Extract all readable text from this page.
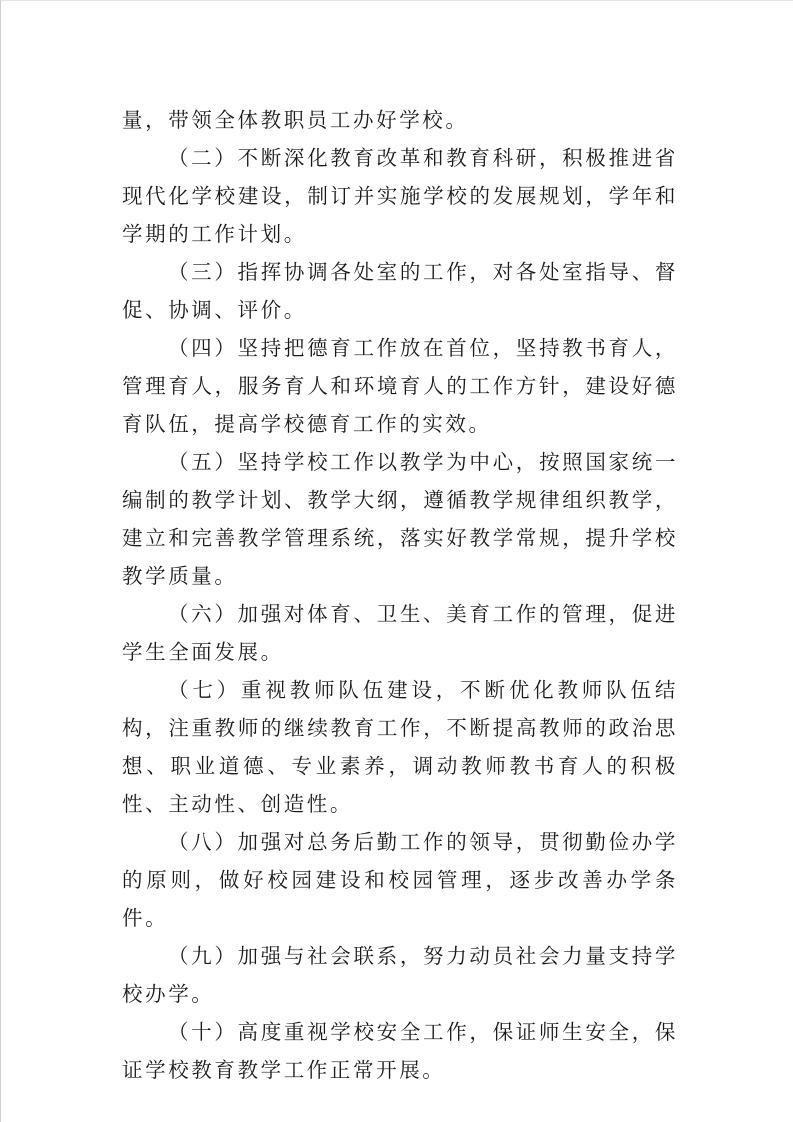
量，带领全体教职员工办好学校。

（二）不断深化教育改革和教育科研，积极推进省现代化学校建设，制订并实施学校的发展规划，学年和学期的工作计划。

（三）指挥协调各处室的工作，对各处室指导、督促、协调、评价。

（四）坚持把德育工作放在首位，坚持教书育人，管理育人，服务育人和环境育人的工作方针，建设好德育队伍，提高学校德育工作的实效。

（五）坚持学校工作以教学为中心，按照国家统一编制的教学计划、教学大纲，遵循教学规律组织教学，建立和完善教学管理系统，落实好教学常规，提升学校教学质量。

（六）加强对体育、卫生、美育工作的管理，促进学生全面发展。

（七）重视教师队伍建设，不断优化教师队伍结构，注重教师的继续教育工作，不断提高教师的政治思想、职业道德、专业素养，调动教师教书育人的积极性、主动性、创造性。

（八）加强对总务后勤工作的领导，贯彻勤俭办学的原则，做好校园建设和校园管理，逐步改善办学条件。

（九）加强与社会联系，努力动员社会力量支持学校办学。

（十）高度重视学校安全工作，保证师生安全，保证学校教育教学工作正常开展。
